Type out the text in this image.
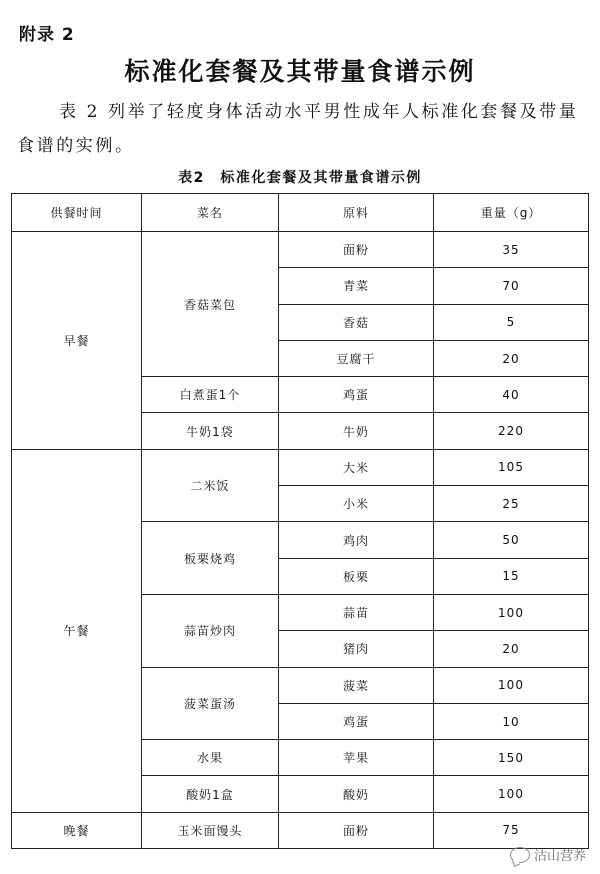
附录 2
标准化套餐及其带量食谱示例

表 2 列举了轻度身体活动水平男性成年人标准化套餐及带量食谱的实例。

表2　标准化套餐及其带量食谱示例
供餐时间	菜名	原料	重量（g）
早餐	香菇菜包	面粉	35
		青菜	70
		香菇	5
		豆腐干	20
	白煮蛋1个	鸡蛋	40
	牛奶1袋	牛奶	220
午餐	二米饭	大米	105
		小米	25
	板栗烧鸡	鸡肉	50
		板栗	15
	蒜苗炒肉	蒜苗	100
		猪肉	20
	菠菜蛋汤	菠菜	100
		鸡蛋	10
	水果	苹果	150
	酸奶1盒	酸奶	100
晚餐	玉米面馒头	面粉	75
沽山营养
